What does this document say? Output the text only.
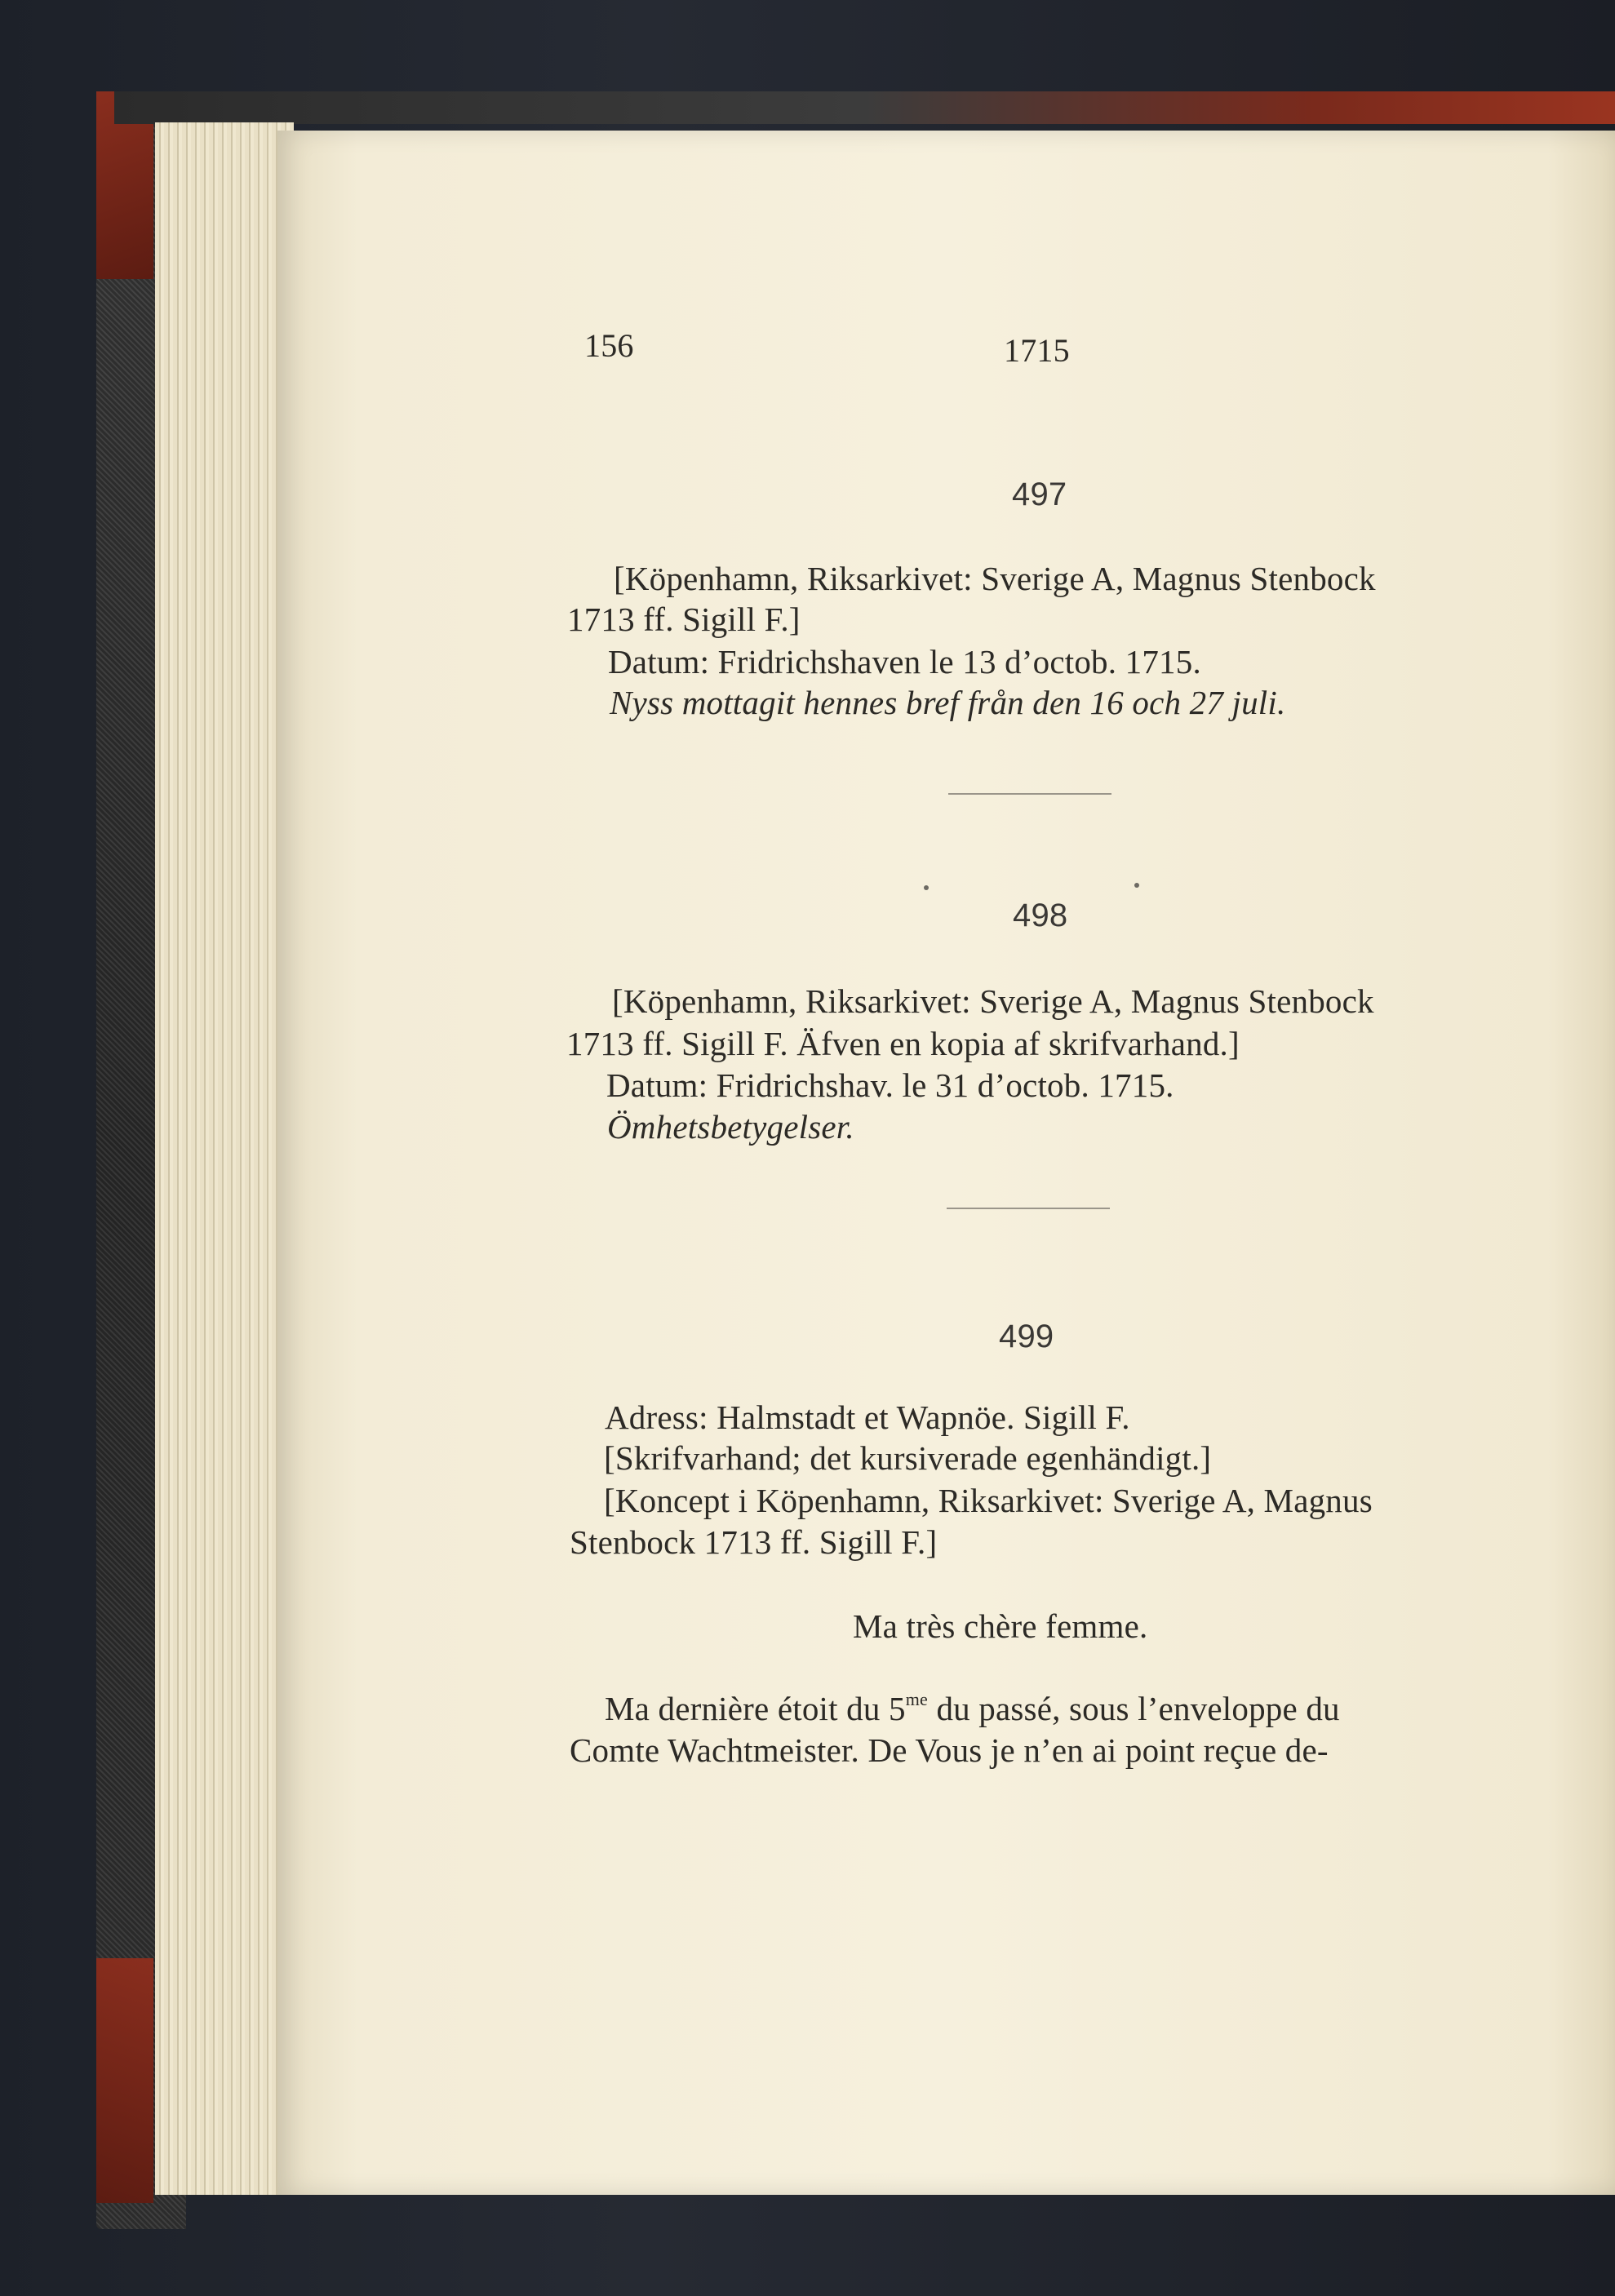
156	1715
497
[Köpenhamn, Riksarkivet: Sverige A, Magnus Stenbock
1713 ff. Sigill F.]
Datum: Fridrichshaven le 13 d’octob. 1715.
Nyss mottagit hennes bref från den 16 och 27 juli.
498
[Köpenhamn, Riksarkivet: Sverige A, Magnus Stenbock
1713 ff. Sigill F. Äfven en kopia af skrifvarhand.]
Datum: Fridrichshav. le 31 d’octob. 1715.
Ömhetsbetygelser.
499
Adress: Halmstadt et Wapnöe. Sigill F.
[Skrifvarhand; det kursiverade egenhändigt.]
[Koncept i Köpenhamn, Riksarkivet: Sverige A, Magnus
Stenbock 1713 ff. Sigill F.]
Ma très chère femme.
Ma dernière étoit du $5^{me}$ du passé, sous l’enveloppe du
Comte Wachtmeister. De Vous je n’en ai point reçue de-
